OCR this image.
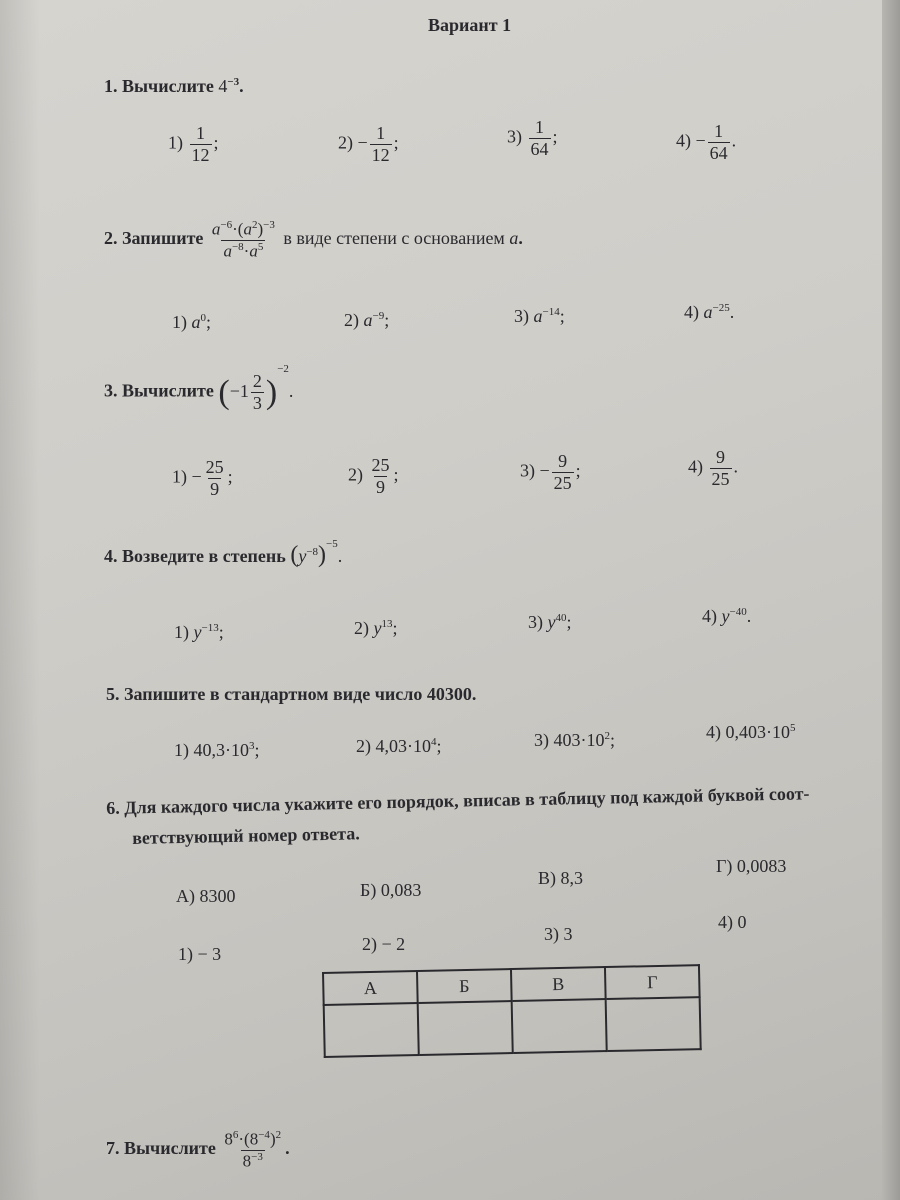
Вариант 1
1. Вычислите $4^{-3}$.
$1) \frac{1}{12}$ ;	$2) - \frac{1}{12}$ ;	$3) \frac{1}{64}$ ;	$4) - \frac{1}{64}$ .
2. Запишите $\frac{a^{-6}\cdot(a^2)^{-3}}{a^{-8}\cdot a^5}$ в виде степени с основанием a.
1) $a^0$;	2) $a^{-9}$;	3) $a^{-14}$;	4) $a^{-25}$.
3. Вычислите $(-1 \frac{2}{3} )^{-2}$.
$1) - \frac{25}{9}$ ;	$2) \frac{25}{9}$ ;	$3) - \frac{9}{25}$ ;	$4) \frac{9}{25}$ .
4. Возведите в степень $(y^{-8})^{-5}$.
1) $y^{-13}$;	2) $y^{13}$;	3) $y^{40}$;	4) $y^{-40}$.
5. Запишите в стандартном виде число 40300.
1) $40,3\cdot 10^3$;	2) $4,03\cdot 10^4$;	3) $403\cdot 10^2$;	4) $0,403\cdot 10^5$
6. Для каждого числа укажите его порядок, вписав в таблицу под каждой буквой соот-
ветствующий номер ответа.
А) 8300	Б) 0,083
В) 8,3
Г) 0,0083
1) − 3	2) − 2	3) 3
4) 0
А	Б	В	Г

7. Вычислите $\frac{8^6\cdot(8^{-4})^2}{8^{-3}}$ .
